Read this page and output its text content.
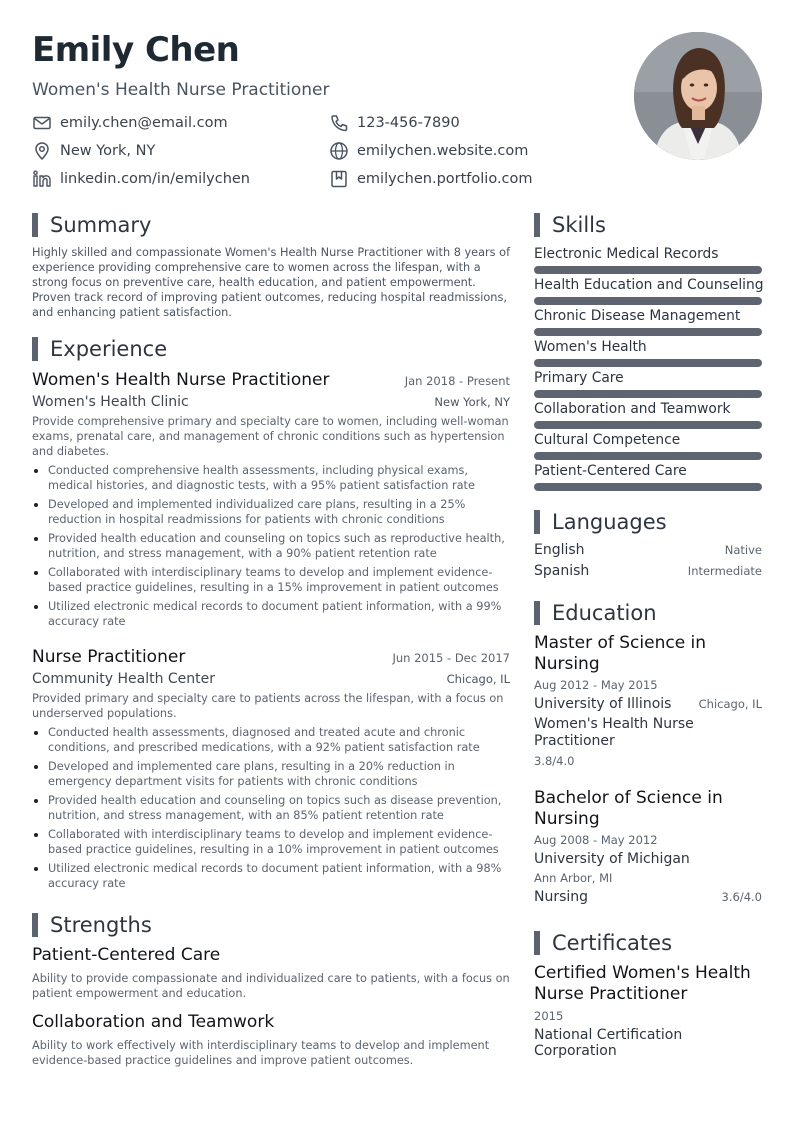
Emily Chen
Women's Health Nurse Practitioner
emily.chen@email.com	123-456-7890
New York, NY	emilychen.website.com
linkedin.com/in/emilychen	emilychen.portfolio.com
Summary
Highly skilled and compassionate Women's Health Nurse Practitioner with 8 years of experience providing comprehensive care to women across the lifespan, with a strong focus on preventive care, health education, and patient empowerment. Proven track record of improving patient outcomes, reducing hospital readmissions, and enhancing patient satisfaction.
Experience
Women's Health Nurse Practitioner	Jan 2018 - Present
Women's Health Clinic	New York, NY
Provide comprehensive primary and specialty care to women, including well-woman exams, prenatal care, and management of chronic conditions such as hypertension and diabetes.
Conducted comprehensive health assessments, including physical exams, medical histories, and diagnostic tests, with a 95% patient satisfaction rate
Developed and implemented individualized care plans, resulting in a 25% reduction in hospital readmissions for patients with chronic conditions
Provided health education and counseling on topics such as reproductive health, nutrition, and stress management, with a 90% patient retention rate
Collaborated with interdisciplinary teams to develop and implement evidence-based practice guidelines, resulting in a 15% improvement in patient outcomes
Utilized electronic medical records to document patient information, with a 99% accuracy rate
Nurse Practitioner	Jun 2015 - Dec 2017
Community Health Center	Chicago, IL
Provided primary and specialty care to patients across the lifespan, with a focus on underserved populations.
Conducted health assessments, diagnosed and treated acute and chronic conditions, and prescribed medications, with a 92% patient satisfaction rate
Developed and implemented care plans, resulting in a 20% reduction in emergency department visits for patients with chronic conditions
Provided health education and counseling on topics such as disease prevention, nutrition, and stress management, with an 85% patient retention rate
Collaborated with interdisciplinary teams to develop and implement evidence-based practice guidelines, resulting in a 10% improvement in patient outcomes
Utilized electronic medical records to document patient information, with a 98% accuracy rate
Strengths
Patient-Centered Care
Ability to provide compassionate and individualized care to patients, with a focus on patient empowerment and education.
Collaboration and Teamwork
Ability to work effectively with interdisciplinary teams to develop and implement evidence-based practice guidelines and improve patient outcomes.
Skills
Electronic Medical Records
Health Education and Counseling
Chronic Disease Management
Women's Health
Primary Care
Collaboration and Teamwork
Cultural Competence
Patient-Centered Care
Languages
English	Native
Spanish	Intermediate
Education
Master of Science in Nursing
Aug 2012 - May 2015
University of Illinois Chicago, IL
Women's Health Nurse Practitioner
3.8/4.0
Bachelor of Science in Nursing
Aug 2008 - May 2012
University of Michigan
Ann Arbor, MI
Nursing	3.6/4.0
Certificates
Certified Women's Health Nurse Practitioner
2015
National Certification Corporation
